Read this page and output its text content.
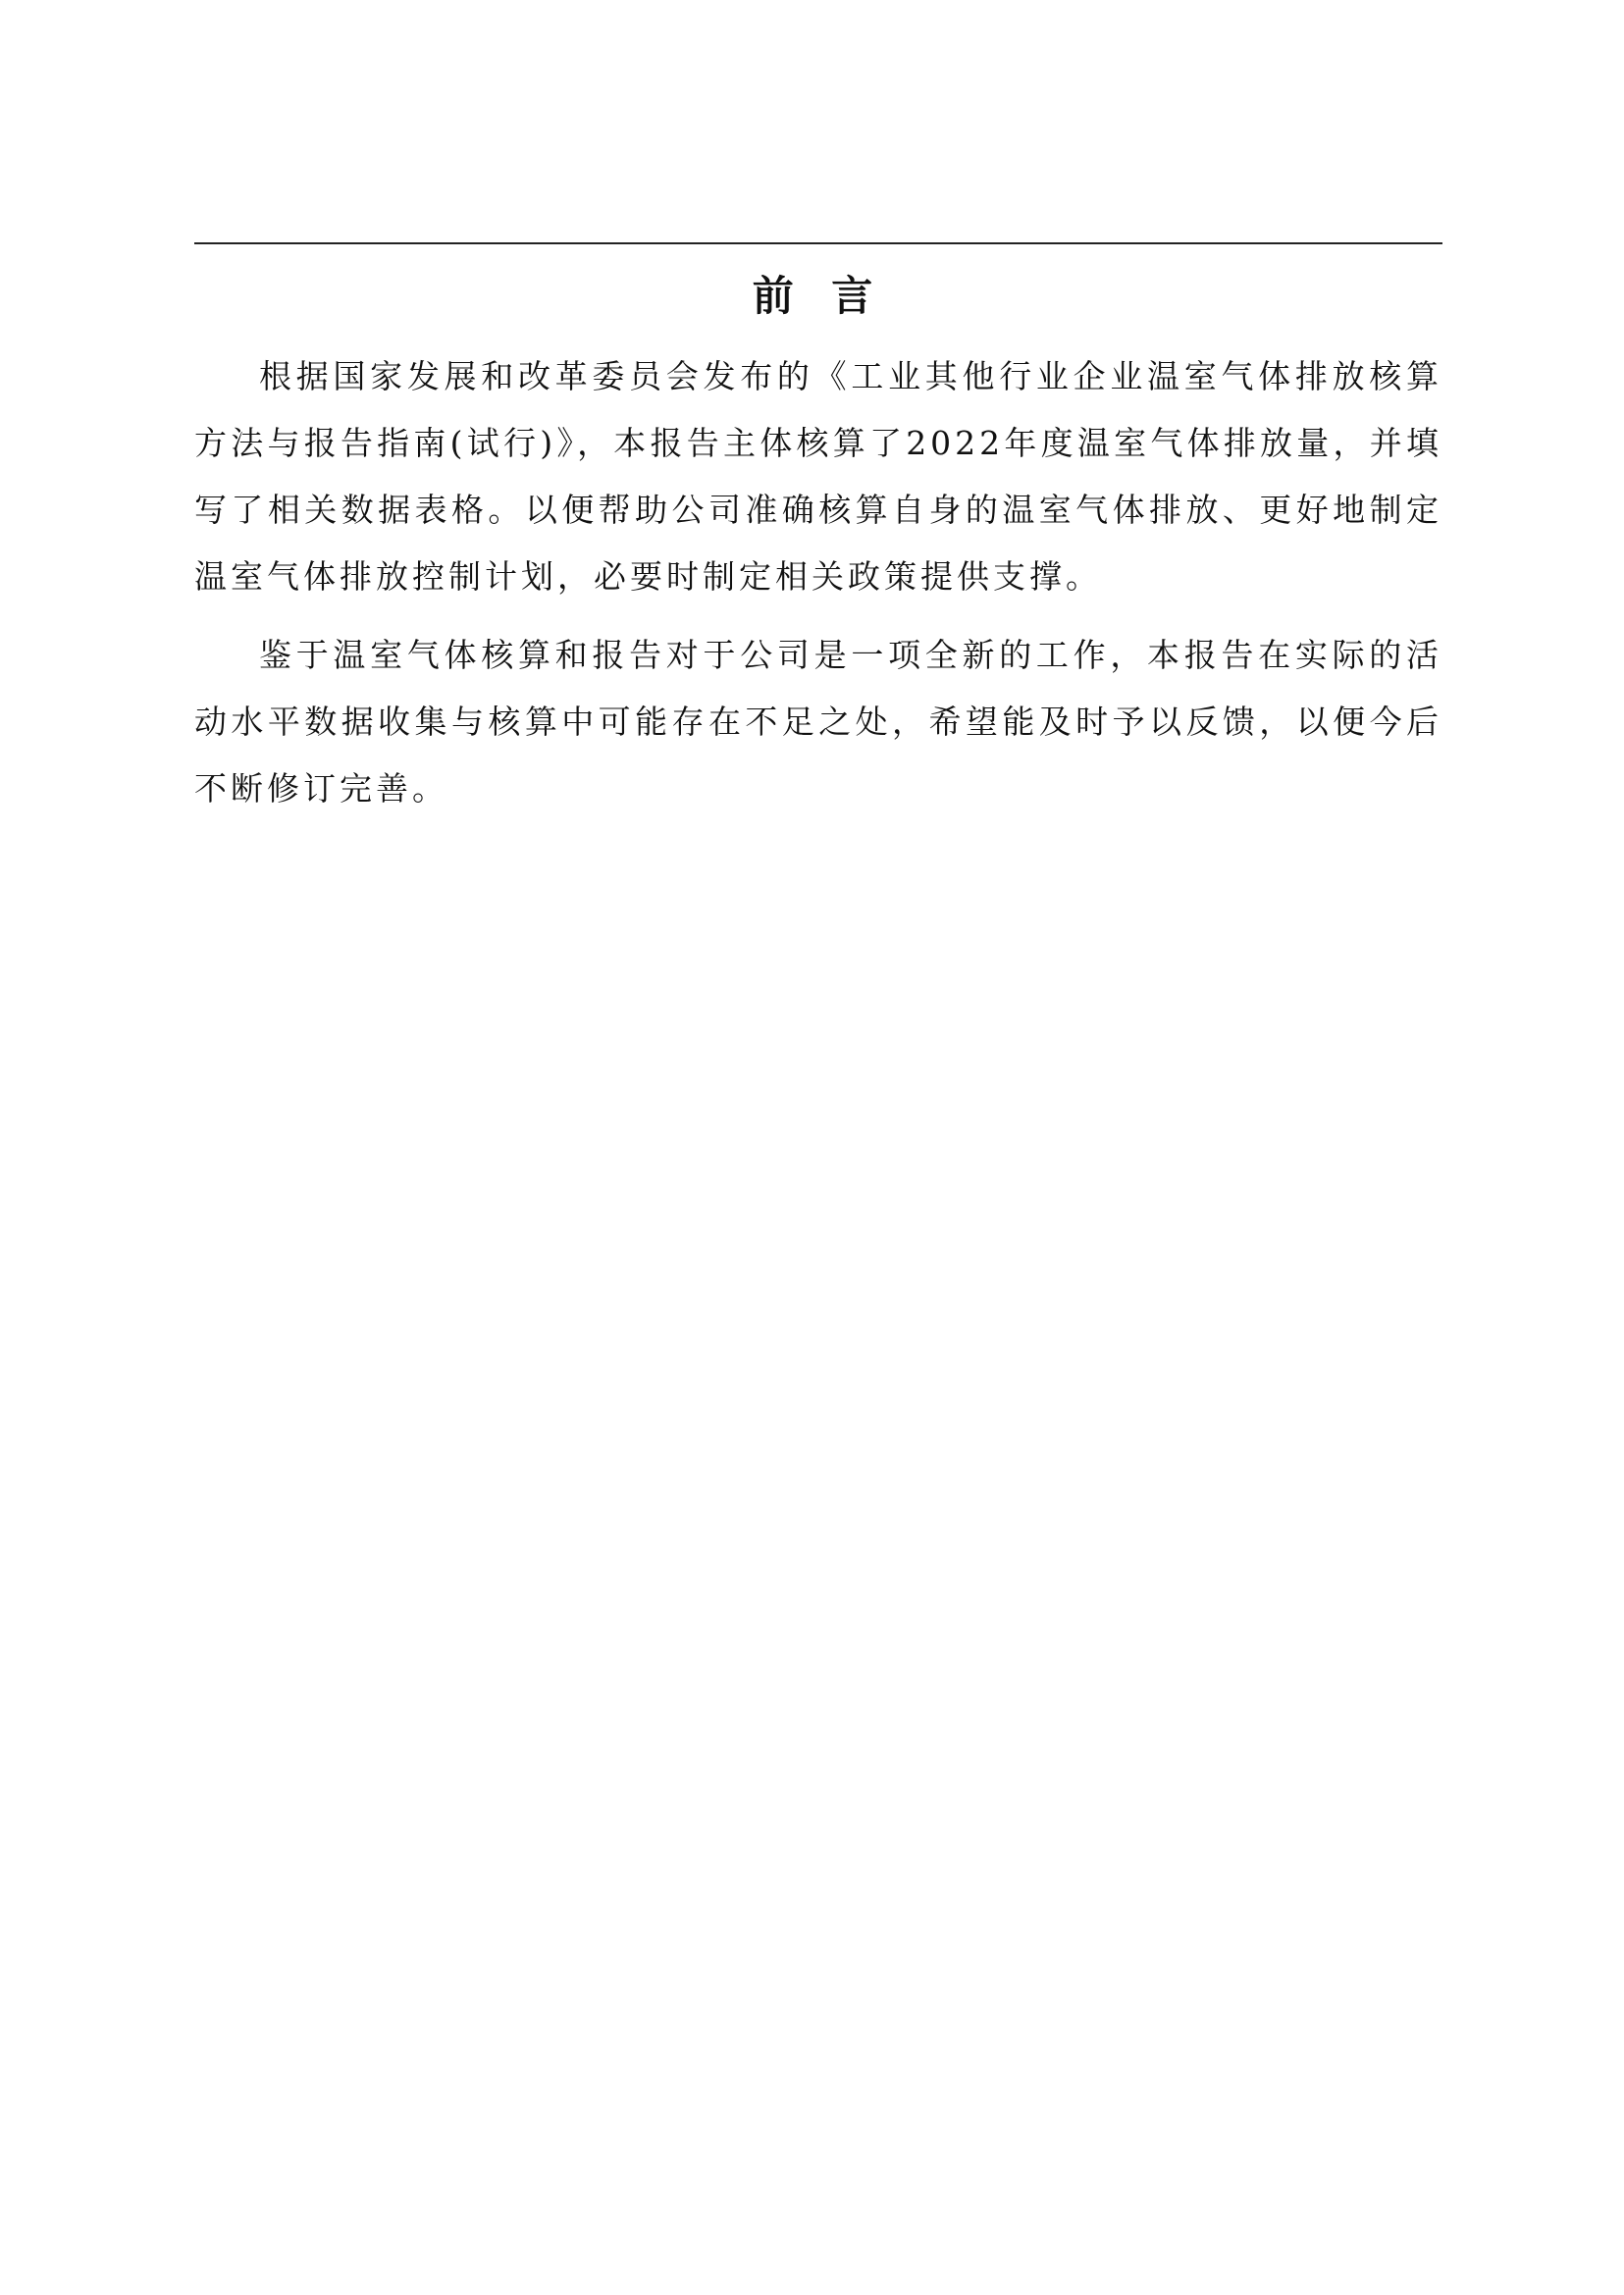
前 言

根据国家发展和改革委员会发布的《工业其他行业企业温室气体排放核算方法与报告指南(试行)》，本报告主体核算了2022年度温室气体排放量，并填写了相关数据表格。以便帮助公司准确核算自身的温室气体排放、更好地制定温室气体排放控制计划，必要时制定相关政策提供支撑。

鉴于温室气体核算和报告对于公司是一项全新的工作，本报告在实际的活动水平数据收集与核算中可能存在不足之处，希望能及时予以反馈，以便今后不断修订完善。
